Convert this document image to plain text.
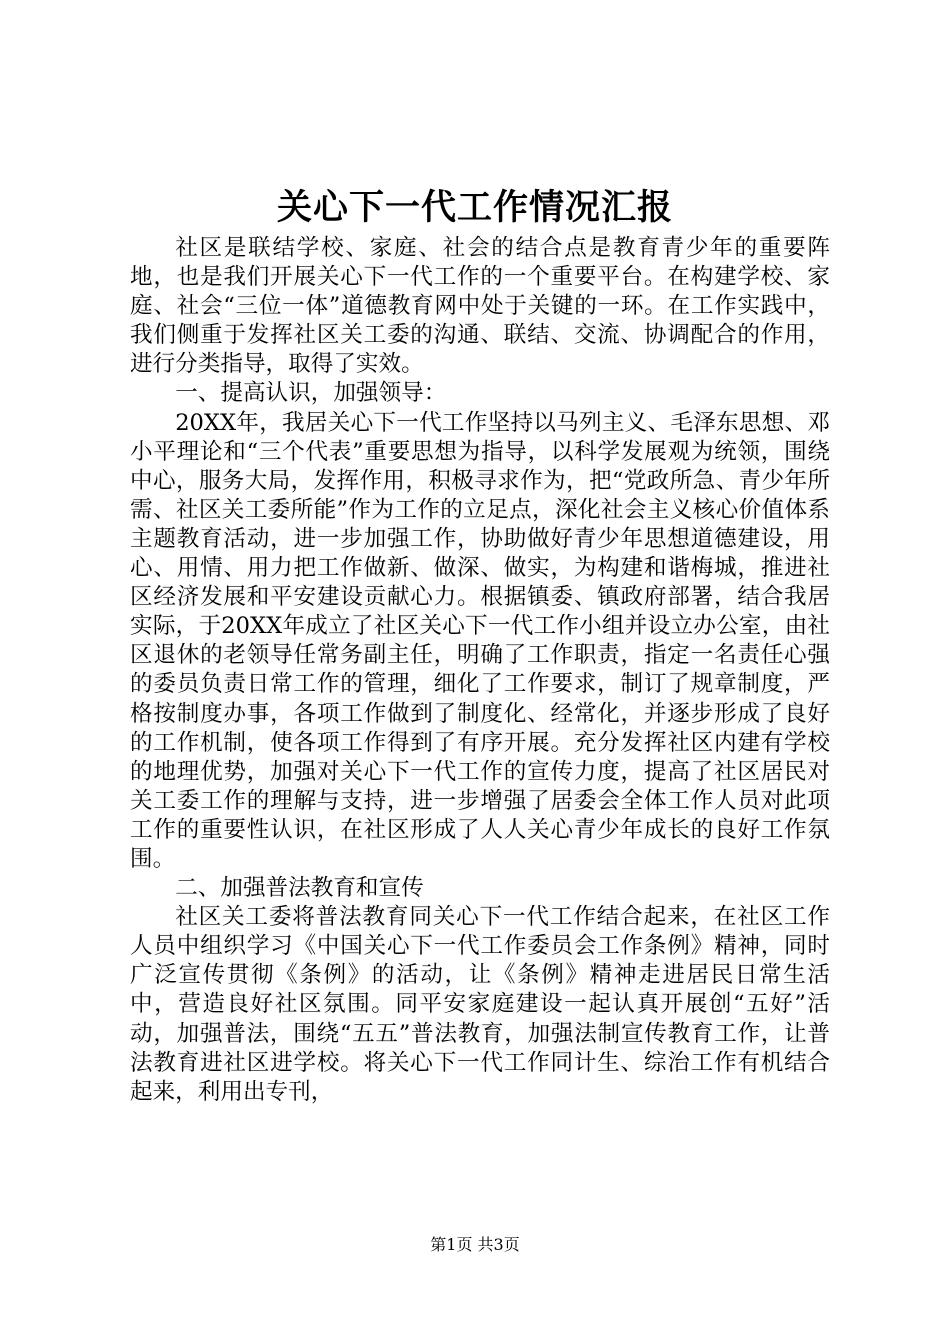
关心下一代工作情况汇报

社区是联结学校、家庭、社会的结合点是教育青少年的重要阵地，也是我们开展关心下一代工作的一个重要平台。在构建学校、家庭、社会“三位一体”道德教育网中处于关键的一环。在工作实践中，我们侧重于发挥社区关工委的沟通、联结、交流、协调配合的作用，进行分类指导，取得了实效。

一、提高认识，加强领导：

20XX年，我居关心下一代工作坚持以马列主义、毛泽东思想、邓小平理论和“三个代表”重要思想为指导，以科学发展观为统领，围绕中心，服务大局，发挥作用，积极寻求作为，把“党政所急、青少年所需、社区关工委所能”作为工作的立足点，深化社会主义核心价值体系主题教育活动，进一步加强工作，协助做好青少年思想道德建设，用心、用情、用力把工作做新、做深、做实，为构建和谐梅城，推进社区经济发展和平安建设贡献心力。根据镇委、镇政府部署，结合我居实际，于20XX年成立了社区关心下一代工作小组并设立办公室，由社区退休的老领导任常务副主任，明确了工作职责，指定一名责任心强的委员负责日常工作的管理，细化了工作要求，制订了规章制度，严格按制度办事，各项工作做到了制度化、经常化，并逐步形成了良好的工作机制，使各项工作得到了有序开展。充分发挥社区内建有学校的地理优势，加强对关心下一代工作的宣传力度，提高了社区居民对关工委工作的理解与支持，进一步增强了居委会全体工作人员对此项工作的重要性认识，在社区形成了人人关心青少年成长的良好工作氛围。

二、加强普法教育和宣传

社区关工委将普法教育同关心下一代工作结合起来，在社区工作人员中组织学习《中国关心下一代工作委员会工作条例》精神，同时广泛宣传贯彻《条例》的活动，让《条例》精神走进居民日常生活中，营造良好社区氛围。同平安家庭建设一起认真开展创“五好”活动，加强普法，围绕“五五”普法教育，加强法制宣传教育工作，让普法教育进社区进学校。将关心下一代工作同计生、综治工作有机结合起来，利用出专刊，

第1页 共3页
